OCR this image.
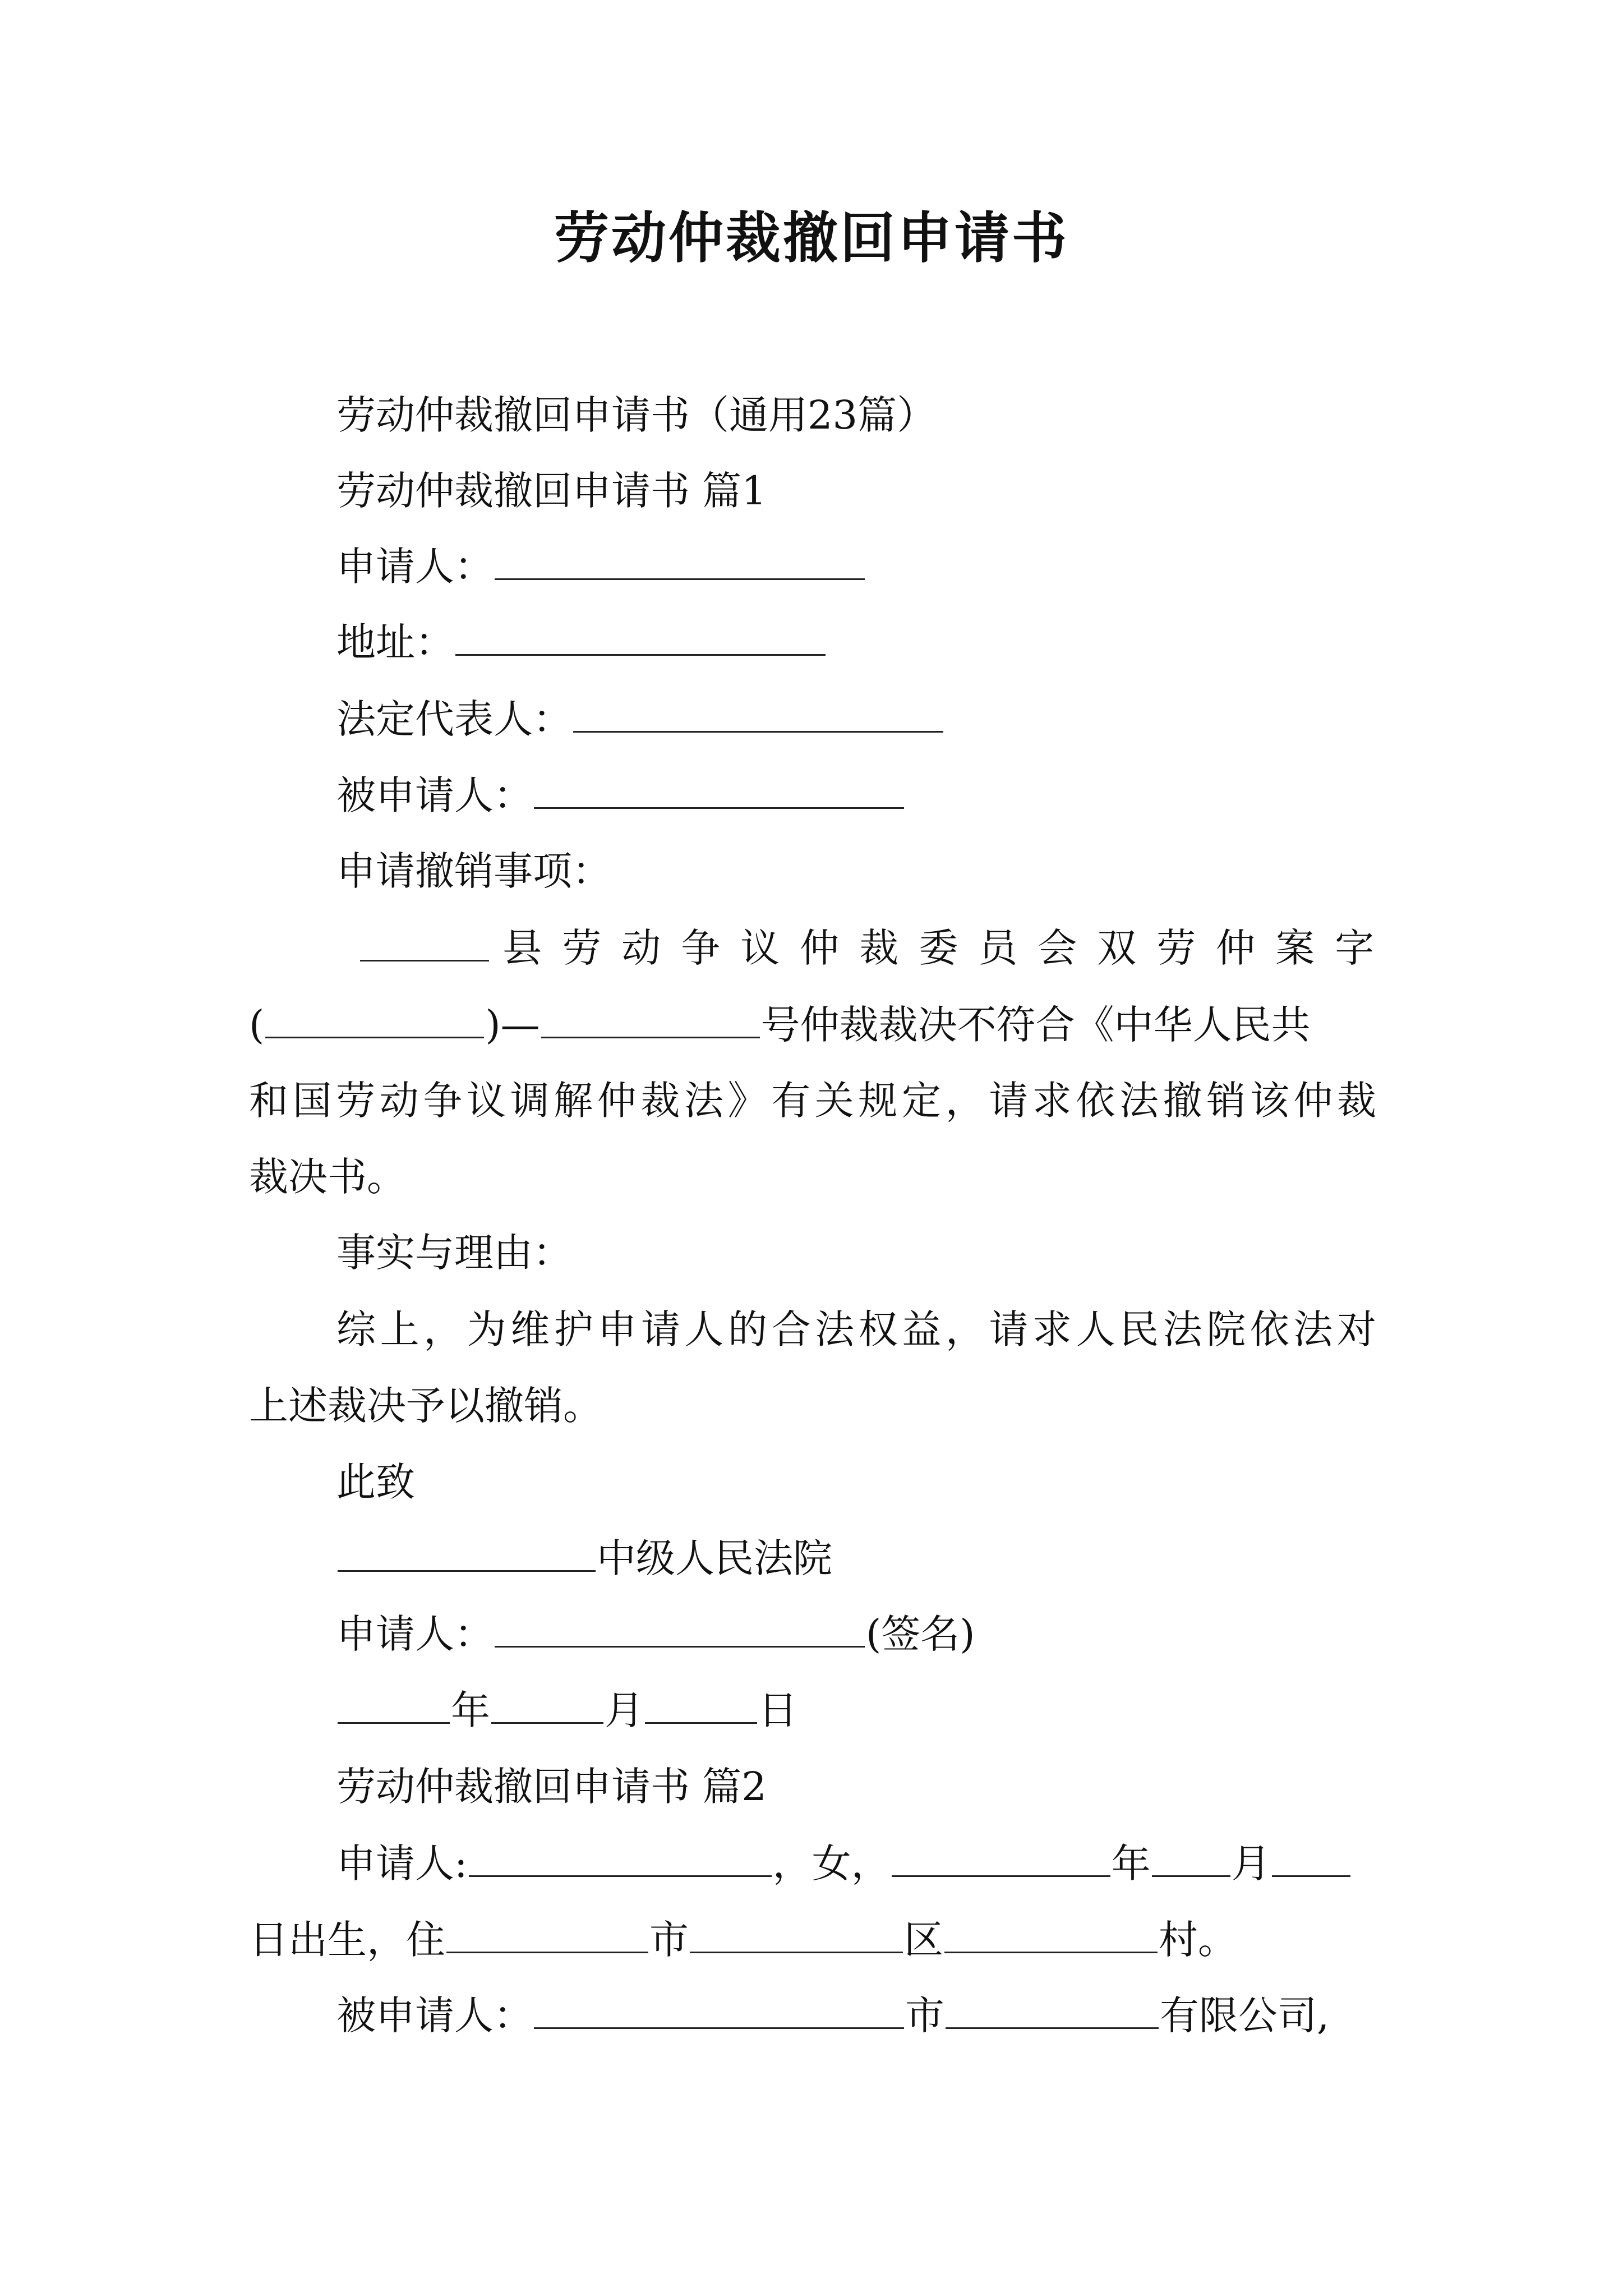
劳动仲裁撤回申请书
劳动仲裁撤回申请书（通用23篇）
劳动仲裁撤回申请书 篇1
申请人：
地址：
法定代表人：
被申请人：
申请撤销事项：
县劳动争议仲裁委员会双劳仲案字
(	)—	号仲裁裁决不符合《中华人民共
和国劳动争议调解仲裁法》有关规定，请求依法撤销该仲裁
裁决书。
事实与理由：
综上，为维护申请人的合法权益，请求人民法院依法对
上述裁决予以撤销。
此致
中级人民法院
申请人：	(签名)
年	月	日
劳动仲裁撤回申请书 篇2
申请人:	，女，	年 月
日出生，住	市	区	村。
被申请人：	市	有限公司,
